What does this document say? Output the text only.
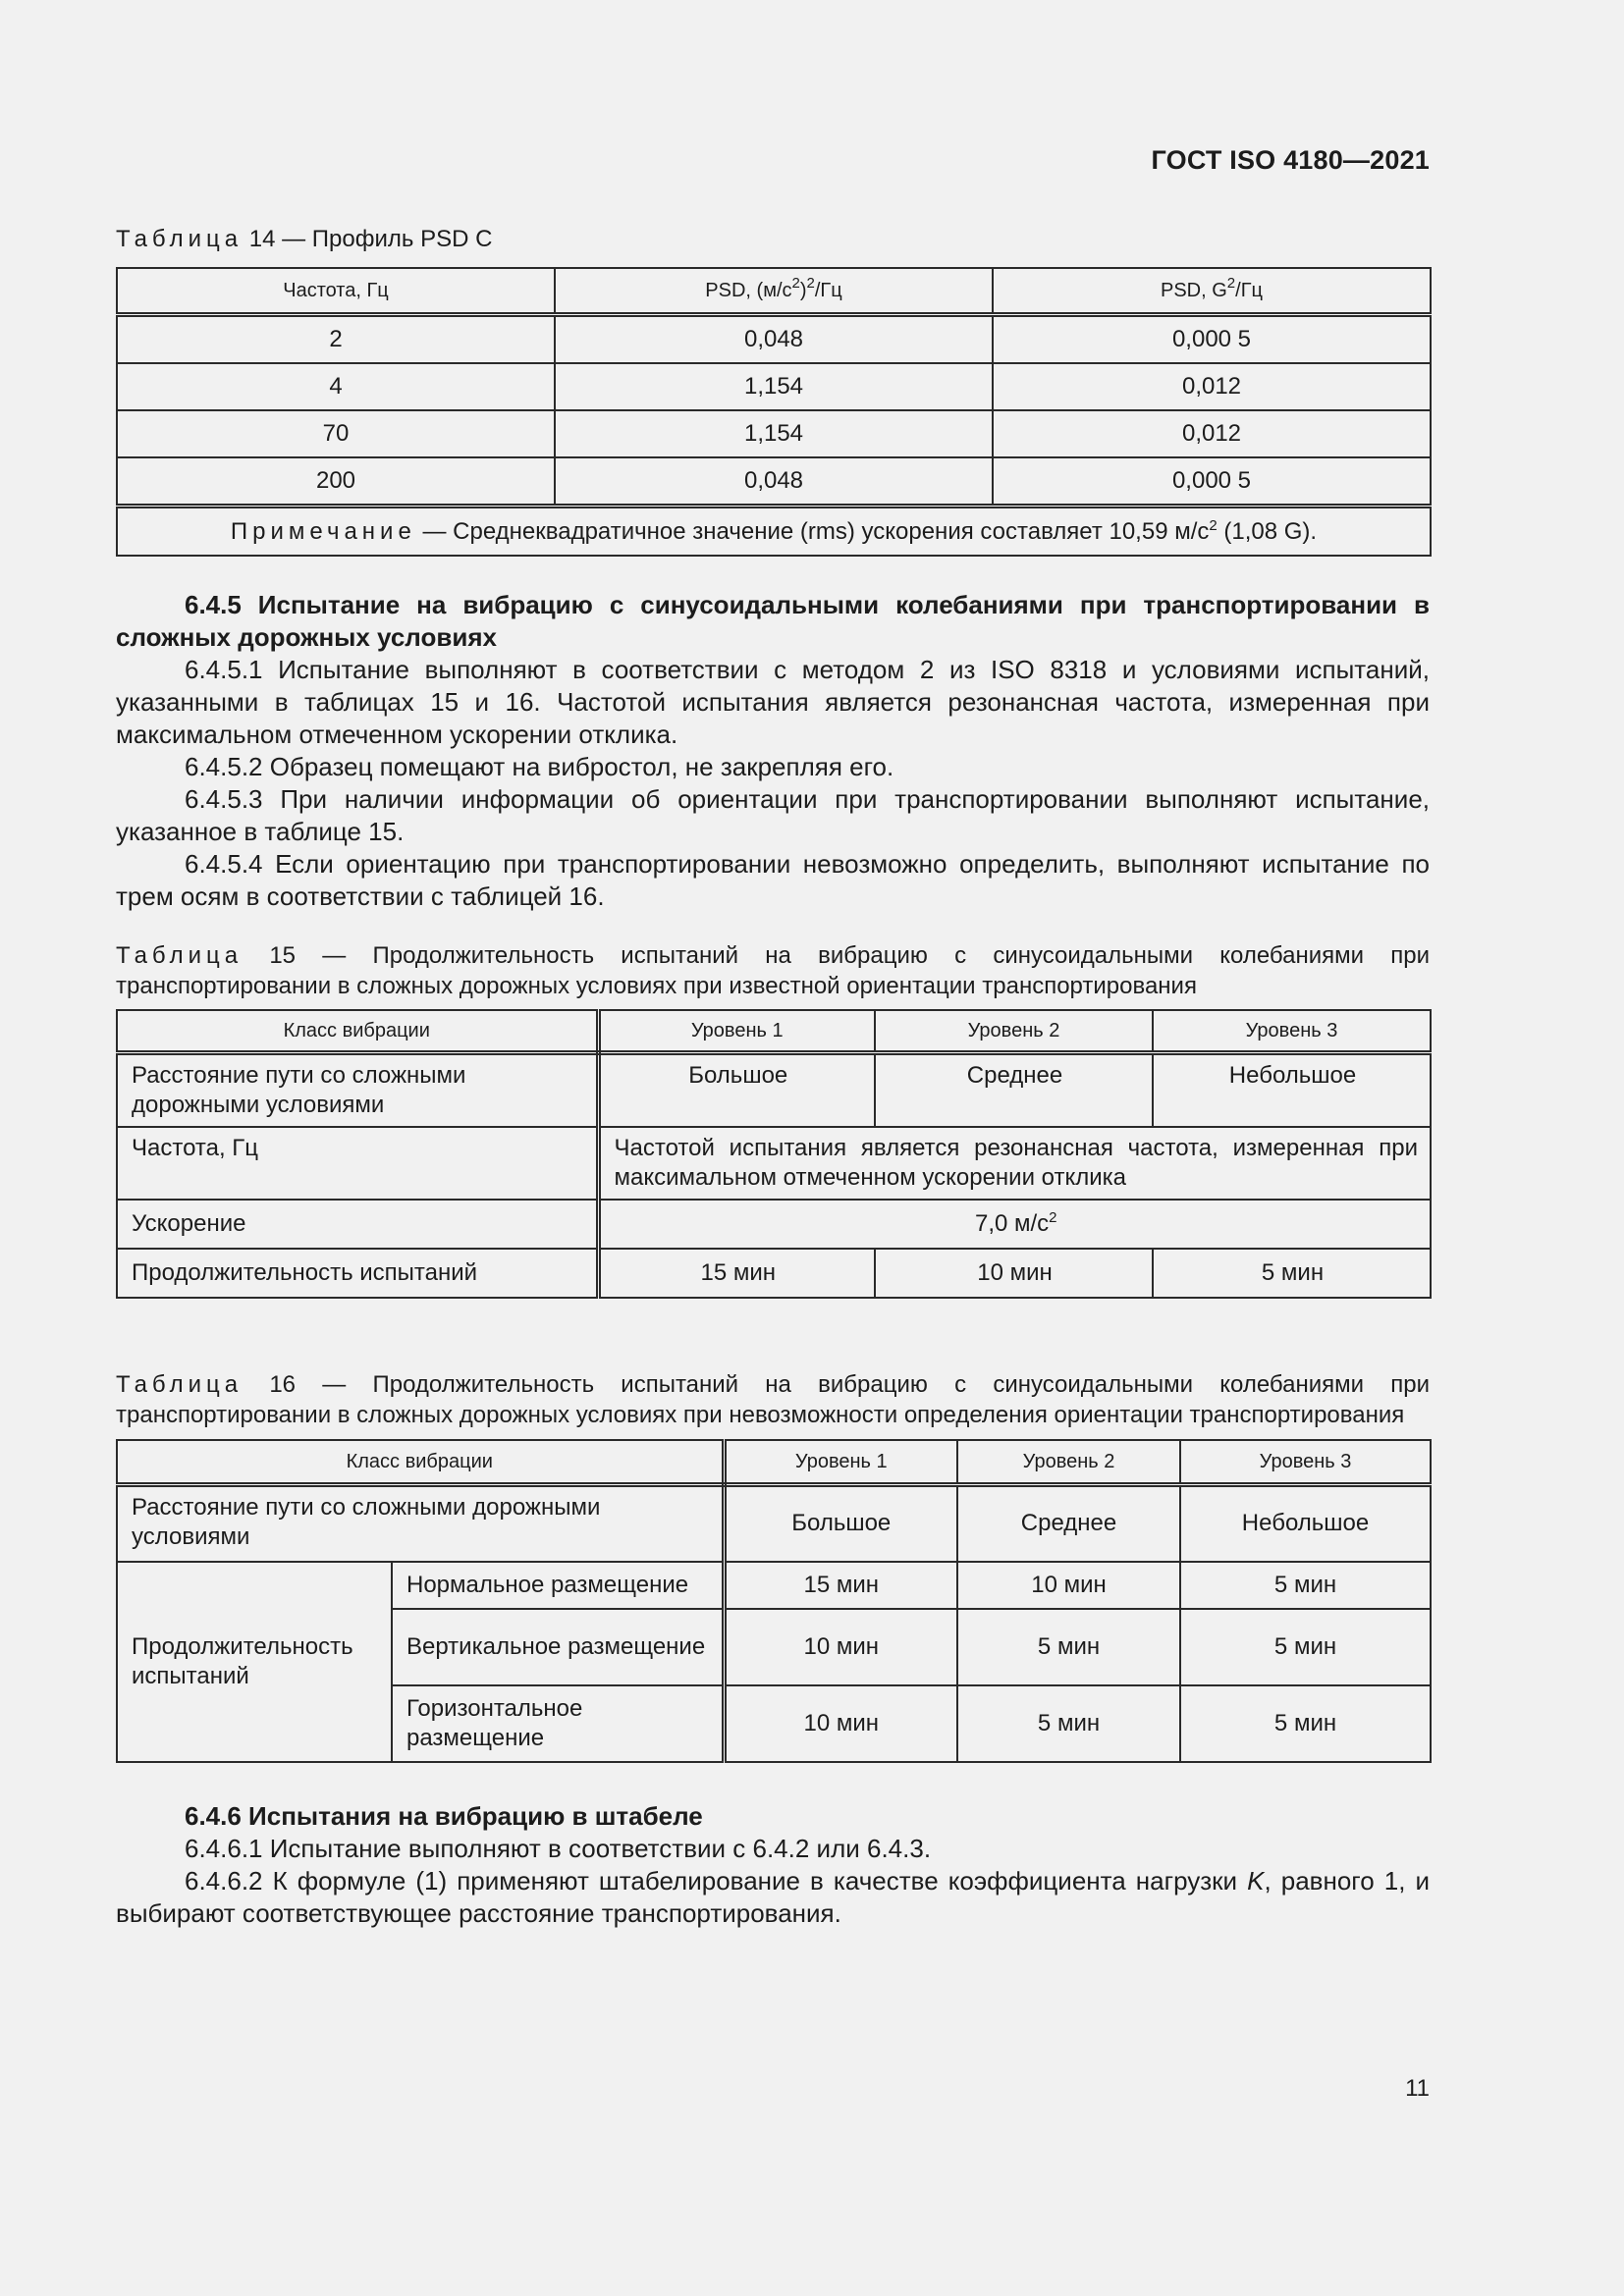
ГОСТ ISO 4180—2021
Таблица 14 — Профиль PSD C
Частота, Гц	PSD, $(м/с^2)^2/Гц$	PSD, $G^2/Гц$
2	0,048	0,000 5
4	1,154	0,012
70	1,154	0,012
200	0,048	0,000 5
Примечание — Среднеквадратичное значение (rms) ускорения составляет 10,59 $м/с^2$ (1,08 G).		
6.4.5 Испытание на вибрацию с синусоидальными колебаниями при транспортировании в сложных дорожных условиях

6.4.5.1 Испытание выполняют в соответствии с методом 2 из ISO 8318 и условиями испытаний, указанными в таблицах 15 и 16. Частотой испытания является резонансная частота, измеренная при максимальном отмеченном ускорении отклика.

6.4.5.2 Образец помещают на вибростол, не закрепляя его.

6.4.5.3 При наличии информации об ориентации при транспортировании выполняют испытание, указанное в таблице 15.

6.4.5.4 Если ориентацию при транспортировании невозможно определить, выполняют испытание по трем осям в соответствии с таблицей 16.

Таблица 15 — Продолжительность испытаний на вибрацию с синусоидальными колебаниями при транспортировании в сложных дорожных условиях при известной ориентации транспортирования
Класс вибрации	Уровень 1	Уровень 2	Уровень 3
Расстояние пути со сложными дорожными условиями	Большое	Среднее	Небольшое
Частота, Гц	Частотой испытания является резонансная частота, измеренная при максимальном отмеченном ускорении отклика		
Ускорение	7,0 $м/с^2$
Продолжительность испытаний	15 мин	10 мин	5 мин
Таблица 16 — Продолжительность испытаний на вибрацию с синусоидальными колебаниями при транспортировании в сложных дорожных условиях при невозможности определения ориентации транспортирования
Класс вибрации		Уровень 1	Уровень 2	Уровень 3
Расстояние пути со сложными дорожными условиями		Большое	Среднее	Небольшое
Продолжительность испытаний	Нормальное размещение	15 мин	10 мин	5 мин
	Вертикальное размещение	10 мин	5 мин	5 мин
	Горизонтальное размещение	10 мин	5 мин	5 мин
6.4.6 Испытания на вибрацию в штабеле

6.4.6.1 Испытание выполняют в соответствии с 6.4.2 или 6.4.3.

6.4.6.2 К формуле (1) применяют штабелирование в качестве коэффициента нагрузки K, равного 1, и выбирают соответствующее расстояние транспортирования.

11
